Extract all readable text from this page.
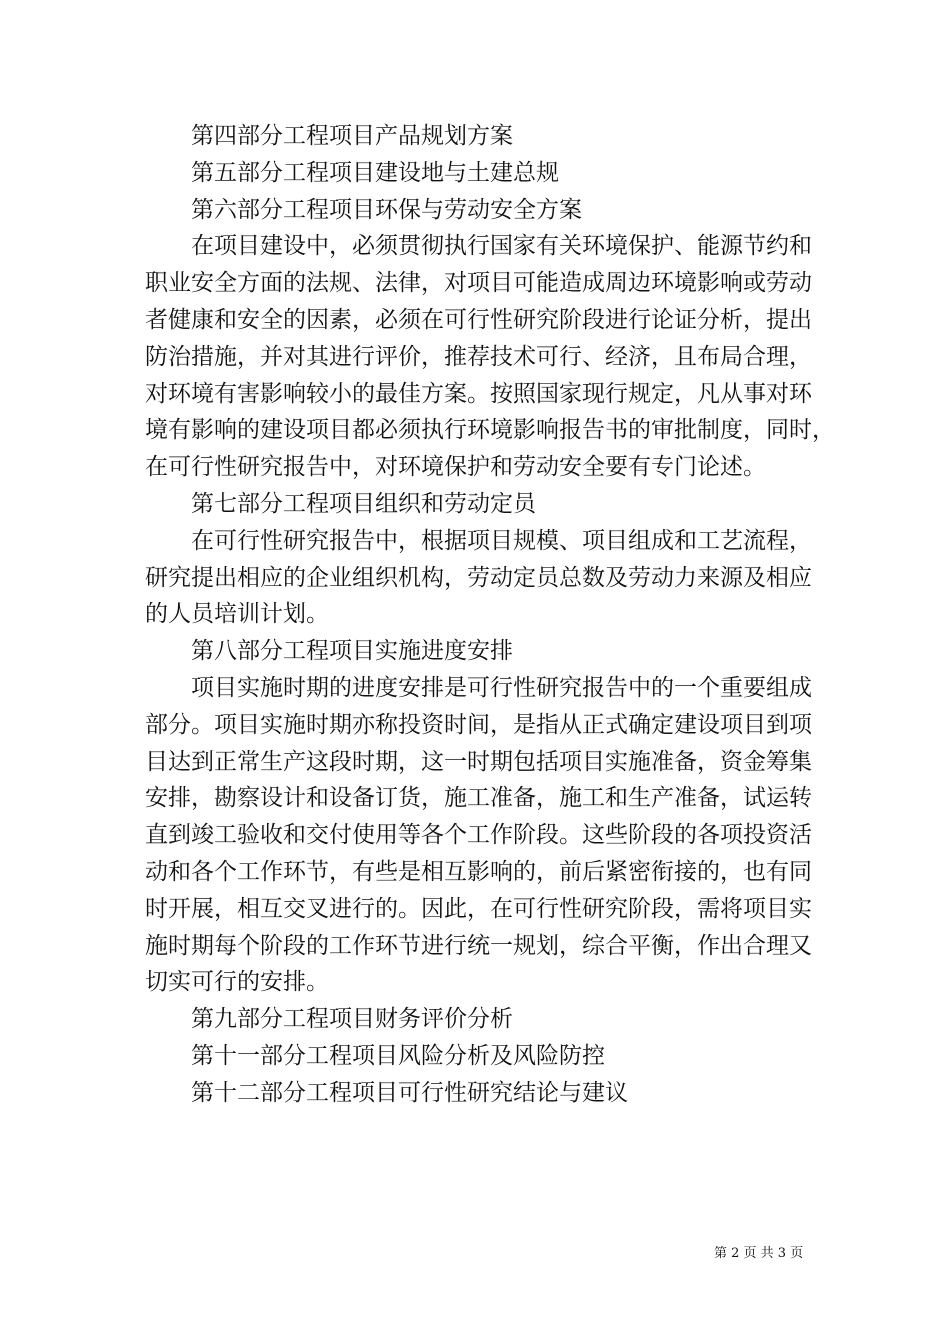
第四部分工程项目产品规划方案
第五部分工程项目建设地与土建总规
第六部分工程项目环保与劳动安全方案
在项目建设中，必须贯彻执行国家有关环境保护、能源节约和
职业安全方面的法规、法律，对项目可能造成周边环境影响或劳动
者健康和安全的因素，必须在可行性研究阶段进行论证分析，提出
防治措施，并对其进行评价，推荐技术可行、经济，且布局合理，
对环境有害影响较小的最佳方案。按照国家现行规定，凡从事对环
境有影响的建设项目都必须执行环境影响报告书的审批制度，同时，
在可行性研究报告中，对环境保护和劳动安全要有专门论述。
第七部分工程项目组织和劳动定员
在可行性研究报告中，根据项目规模、项目组成和工艺流程，
研究提出相应的企业组织机构，劳动定员总数及劳动力来源及相应
的人员培训计划。
第八部分工程项目实施进度安排
项目实施时期的进度安排是可行性研究报告中的一个重要组成
部分。项目实施时期亦称投资时间，是指从正式确定建设项目到项
目达到正常生产这段时期，这一时期包括项目实施准备，资金筹集
安排，勘察设计和设备订货，施工准备，施工和生产准备，试运转
直到竣工验收和交付使用等各个工作阶段。这些阶段的各项投资活
动和各个工作环节，有些是相互影响的，前后紧密衔接的，也有同
时开展，相互交叉进行的。因此，在可行性研究阶段，需将项目实
施时期每个阶段的工作环节进行统一规划，综合平衡，作出合理又
切实可行的安排。
第九部分工程项目财务评价分析
第十一部分工程项目风险分析及风险防控
第十二部分工程项目可行性研究结论与建议
第 2 页 共 3 页
